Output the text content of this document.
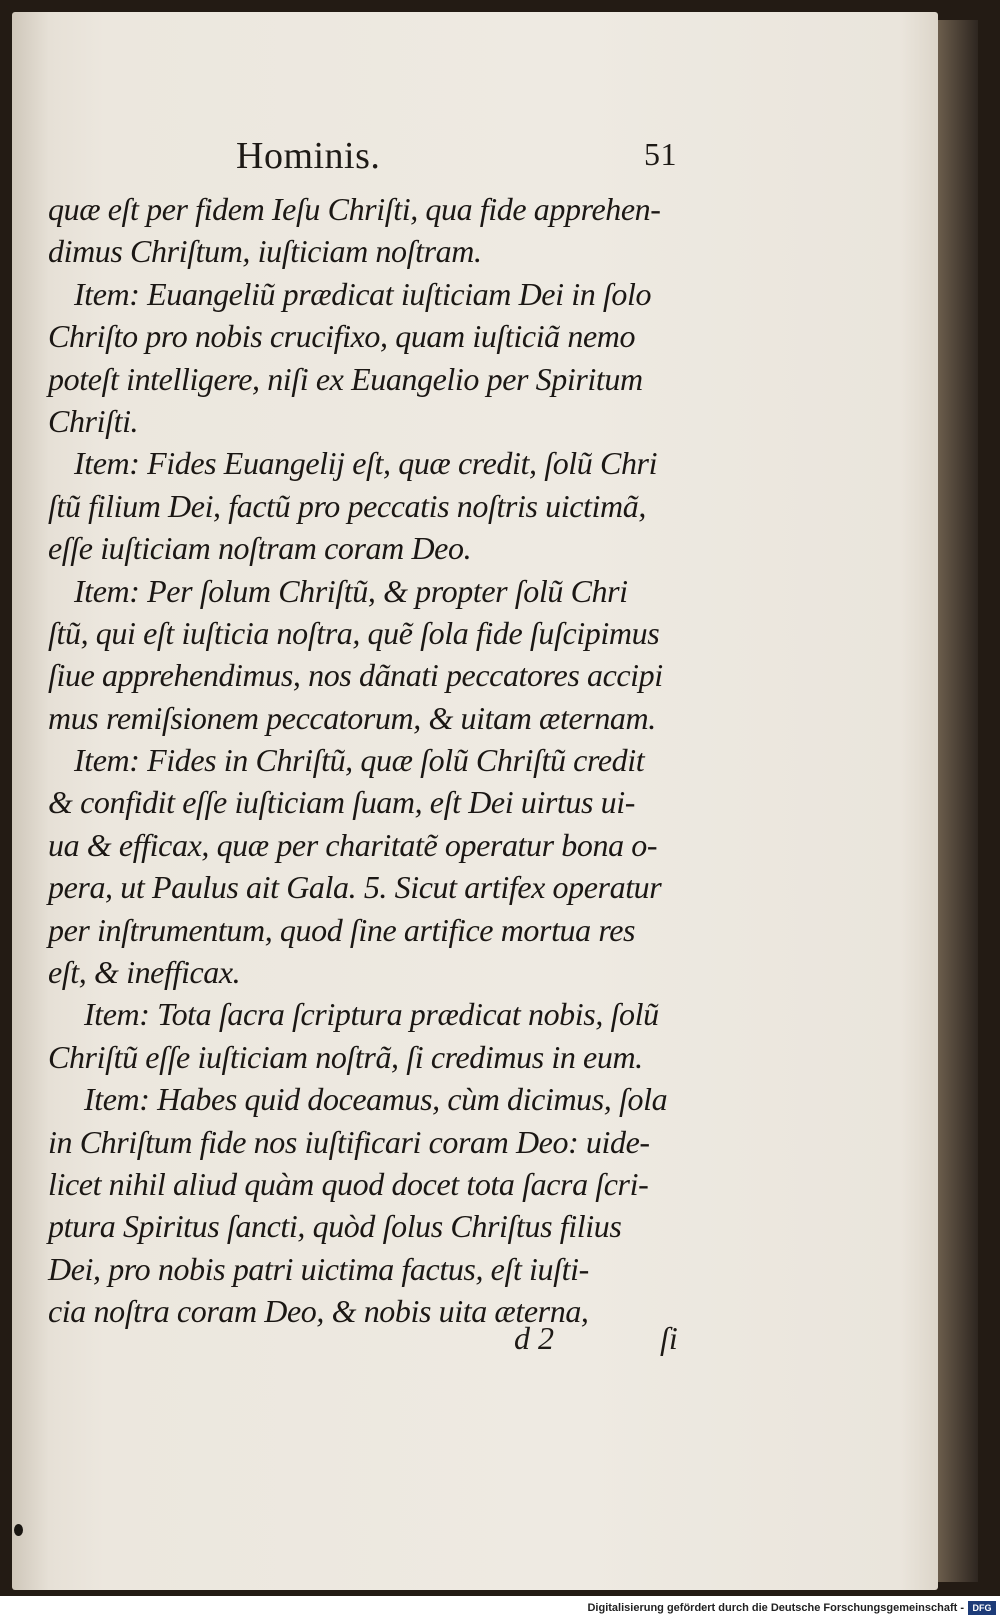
Hominis.	51
quæ eſt per fidem Ieſu Chriſti, qua fide apprehen-
dimus Chriſtum, iuſticiam noſtram.
Item: Euangeliũ prædicat iuſticiam Dei in ſolo
Chriſto pro nobis crucifixo, quam iuſticiã nemo
poteſt intelligere, niſi ex Euangelio per Spiritum
Chriſti.
Item: Fides Euangelij eſt, quæ credit, ſolũ Chri
ſtũ filium Dei, factũ pro peccatis noſtris uictimã,
eſſe iuſticiam noſtram coram Deo.
Item: Per ſolum Chriſtũ, & propter ſolũ Chri
ſtũ, qui eſt iuſticia noſtra, quẽ ſola fide ſuſcipimus
ſiue apprehendimus, nos dãnati peccatores accipi
mus remiſsionem peccatorum, & uitam æternam.
Item: Fides in Chriſtũ, quæ ſolũ Chriſtũ credit
& confidit eſſe iuſticiam ſuam, eſt Dei uirtus ui-
ua & efficax, quæ per charitatẽ operatur bona o-
pera, ut Paulus ait Gala. 5. Sicut artifex operatur
per inſtrumentum, quod ſine artifice mortua res
eſt, & inefficax.
Item: Tota ſacra ſcriptura prædicat nobis, ſolũ
Chriſtũ eſſe iuſticiam noſtrã, ſi credimus in eum.
Item: Habes quid doceamus, cùm dicimus, ſola
in Chriſtum fide nos iuſtificari coram Deo: uide-
licet nihil aliud quàm quod docet tota ſacra ſcri-
ptura Spiritus ſancti, quòd ſolus Chriſtus filius
Dei, pro nobis patri uictima factus, eſt iuſti-
cia noſtra coram Deo, & nobis uita æterna,
d 2	ſi
Digitalisierung gefördert durch die Deutsche Forschungsgemeinschaft - DFG
